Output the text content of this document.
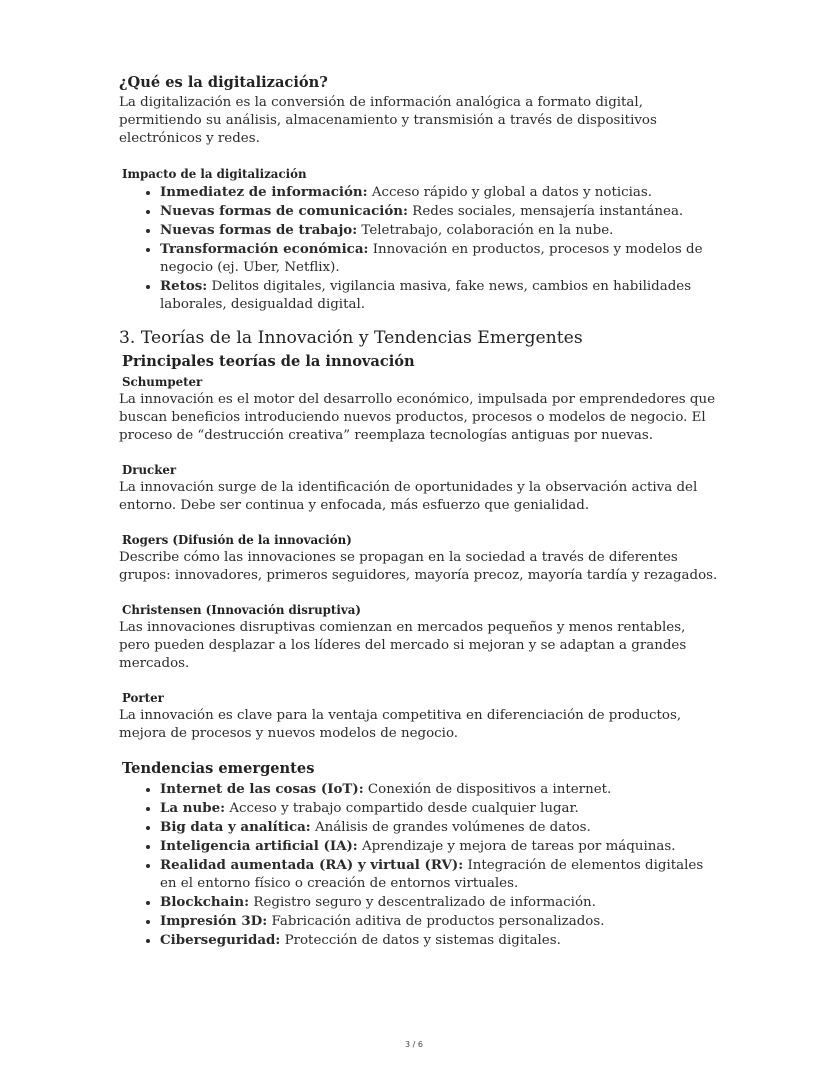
¿Qué es la digitalización?

La digitalización es la conversión de información analógica a formato digital, permitiendo su análisis, almacenamiento y transmisión a través de dispositivos electrónicos y redes.

Impacto de la digitalización
• Inmediatez de información: Acceso rápido y global a datos y noticias.
• Nuevas formas de comunicación: Redes sociales, mensajería instantánea.
• Nuevas formas de trabajo: Teletrabajo, colaboración en la nube.
• Transformación económica: Innovación en productos, procesos y modelos de negocio (ej. Uber, Netflix).
• Retos: Delitos digitales, vigilancia masiva, fake news, cambios en habilidades laborales, desigualdad digital.
3. Teorías de la Innovación y Tendencias Emergentes
Principales teorías de la innovación
Schumpeter

La innovación es el motor del desarrollo económico, impulsada por emprendedores que buscan beneficios introduciendo nuevos productos, procesos o modelos de negocio. El proceso de “destrucción creativa” reemplaza tecnologías antiguas por nuevas.

Drucker

La innovación surge de la identificación de oportunidades y la observación activa del entorno. Debe ser continua y enfocada, más esfuerzo que genialidad.

Rogers (Difusión de la innovación)

Describe cómo las innovaciones se propagan en la sociedad a través de diferentes grupos: innovadores, primeros seguidores, mayoría precoz, mayoría tardía y rezagados.

Christensen (Innovación disruptiva)

Las innovaciones disruptivas comienzan en mercados pequeños y menos rentables, pero pueden desplazar a los líderes del mercado si mejoran y se adaptan a grandes mercados.

Porter

La innovación es clave para la ventaja competitiva en diferenciación de productos, mejora de procesos y nuevos modelos de negocio.

Tendencias emergentes
• Internet de las cosas (IoT): Conexión de dispositivos a internet.
• La nube: Acceso y trabajo compartido desde cualquier lugar.
• Big data y analítica: Análisis de grandes volúmenes de datos.
• Inteligencia artificial (IA): Aprendizaje y mejora de tareas por máquinas.
• Realidad aumentada (RA) y virtual (RV): Integración de elementos digitales en el entorno físico o creación de entornos virtuales.
• Blockchain: Registro seguro y descentralizado de información.
• Impresión 3D: Fabricación aditiva de productos personalizados.
• Ciberseguridad: Protección de datos y sistemas digitales.
3 / 6
